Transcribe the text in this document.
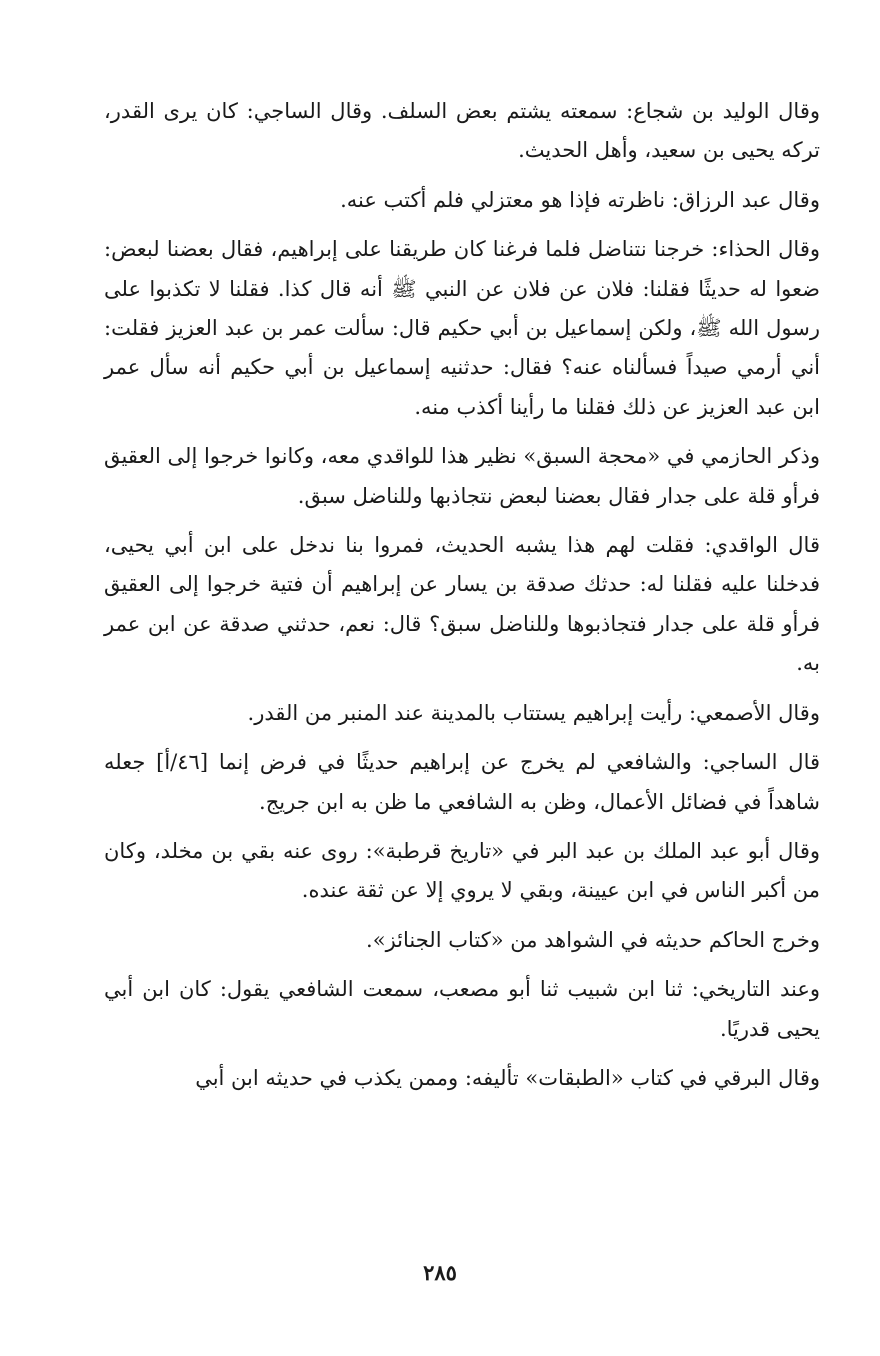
وقال الوليد بن شجاع: سمعته يشتم بعض السلف. وقال الساجي: كان يرى القدر، تركه يحيى بن سعيد، وأهل الحديث.

وقال عبد الرزاق: ناظرته فإذا هو معتزلي فلم أكتب عنه.

وقال الحذاء: خرجنا نتناضل فلما فرغنا كان طريقنا على إبراهيم، فقال بعضنا لبعض: ضعوا له حديثًا فقلنا: فلان عن فلان عن النبي ﷺ أنه قال كذا. فقلنا لا تكذبوا على رسول الله ﷺ، ولكن إسماعيل بن أبي حكيم قال: سألت عمر بن عبد العزيز فقلت: أني أرمي صيداً فسألناه عنه؟ فقال: حدثنيه إسماعيل بن أبي حكيم أنه سأل عمر ابن عبد العزيز عن ذلك فقلنا ما رأينا أكذب منه.

وذكر الحازمي في «محجة السبق» نظير هذا للواقدي معه، وكانوا خرجوا إلى العقيق فرأو قلة على جدار فقال بعضنا لبعض نتجاذبها وللناضل سبق.

قال الواقدي: فقلت لهم هذا يشبه الحديث، فمروا بنا ندخل على ابن أبي يحيى، فدخلنا عليه فقلنا له: حدثك صدقة بن يسار عن إبراهيم أن فتية خرجوا إلى العقيق فرأو قلة على جدار فتجاذبوها وللناضل سبق؟ قال: نعم، حدثني صدقة عن ابن عمر به.

وقال الأصمعي: رأيت إبراهيم يستتاب بالمدينة عند المنبر من القدر.

قال الساجي: والشافعي لم يخرج عن إبراهيم حديثًا في فرض إنما [٤٦/أ] جعله شاهداً في فضائل الأعمال، وظن به الشافعي ما ظن به ابن جريج.

وقال أبو عبد الملك بن عبد البر في «تاريخ قرطبة»: روى عنه بقي بن مخلد، وكان من أكبر الناس في ابن عيينة، وبقي لا يروي إلا عن ثقة عنده.

وخرج الحاكم حديثه في الشواهد من «كتاب الجنائز».

وعند التاريخي: ثنا ابن شبيب ثنا أبو مصعب، سمعت الشافعي يقول: كان ابن أبي يحيى قدريًا.

وقال البرقي في كتاب «الطبقات» تأليفه: وممن يكذب في حديثه ابن أبي

٢٨٥
